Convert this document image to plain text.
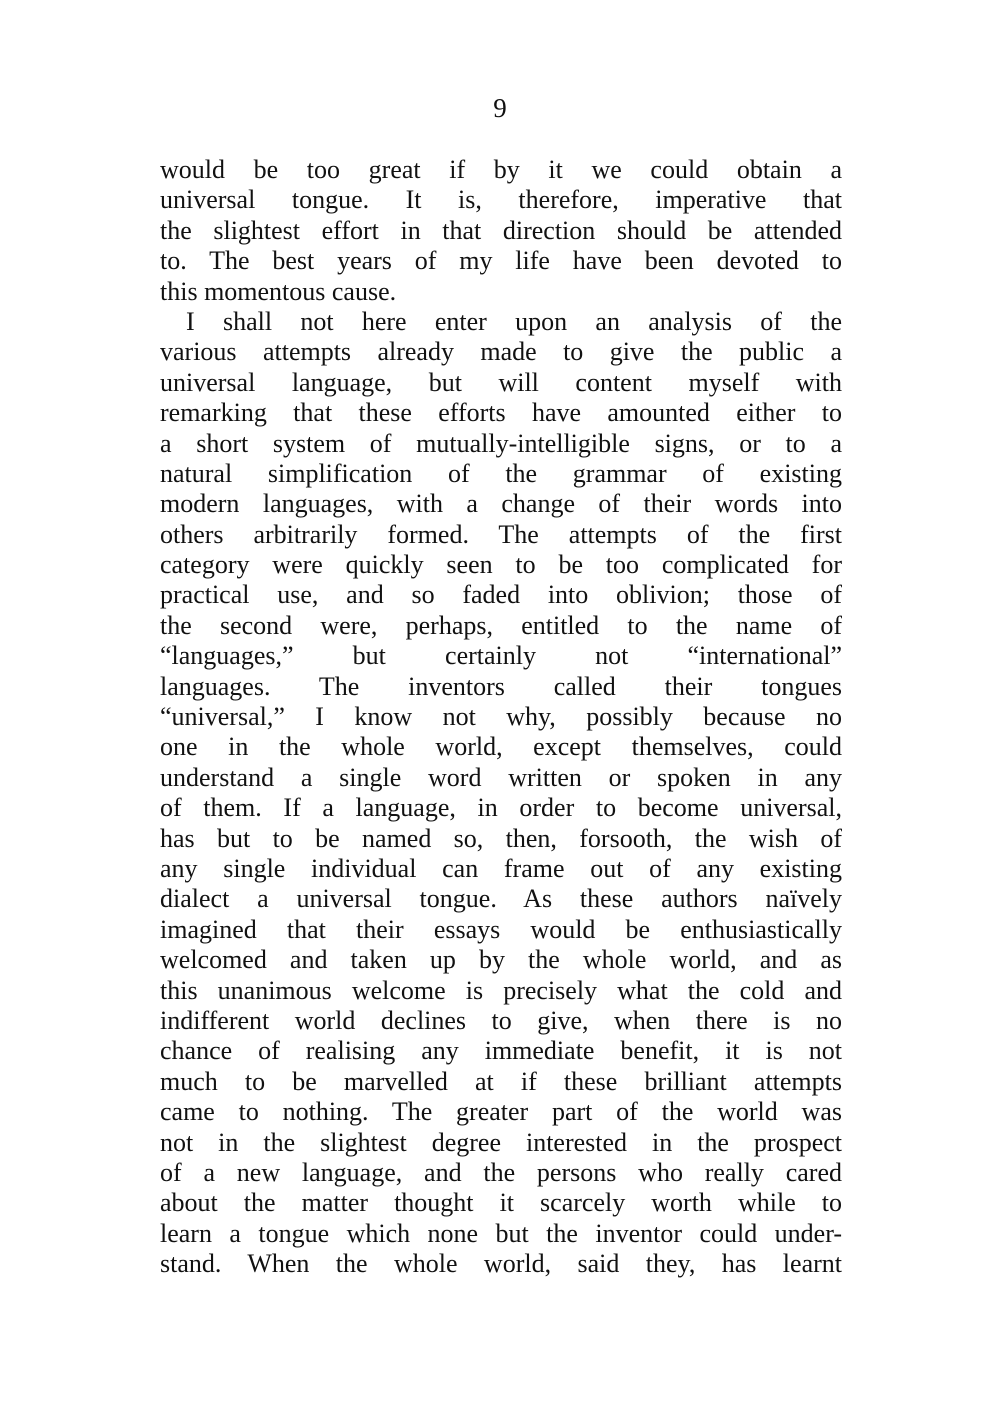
9
would be too great if by it we could obtain a
universal tongue. It is, therefore, imperative that
the slightest effort in that direction should be attended
to. The best years of my life have been devoted to
this momentous cause.
I shall not here enter upon an analysis of the
various attempts already made to give the public a
universal language, but will content myself with
remarking that these efforts have amounted either to
a short system of mutually-intelligible signs, or to a
natural simplification of the grammar of existing
modern languages, with a change of their words into
others arbitrarily formed. The attempts of the first
category were quickly seen to be too complicated for
practical use, and so faded into oblivion; those of
the second were, perhaps, entitled to the name of
“languages,” but certainly not “international”
languages. The inventors called their tongues
“universal,” I know not why, possibly because no
one in the whole world, except themselves, could
understand a single word written or spoken in any
of them. If a language, in order to become universal,
has but to be named so, then, forsooth, the wish of
any single individual can frame out of any existing
dialect a universal tongue. As these authors naïvely
imagined that their essays would be enthusiastically
welcomed and taken up by the whole world, and as
this unanimous welcome is precisely what the cold and
indifferent world declines to give, when there is no
chance of realising any immediate benefit, it is not
much to be marvelled at if these brilliant attempts
came to nothing. The greater part of the world was
not in the slightest degree interested in the prospect
of a new language, and the persons who really cared
about the matter thought it scarcely worth while to
learn a tongue which none but the inventor could under-
stand. When the whole world, said they, has learnt
